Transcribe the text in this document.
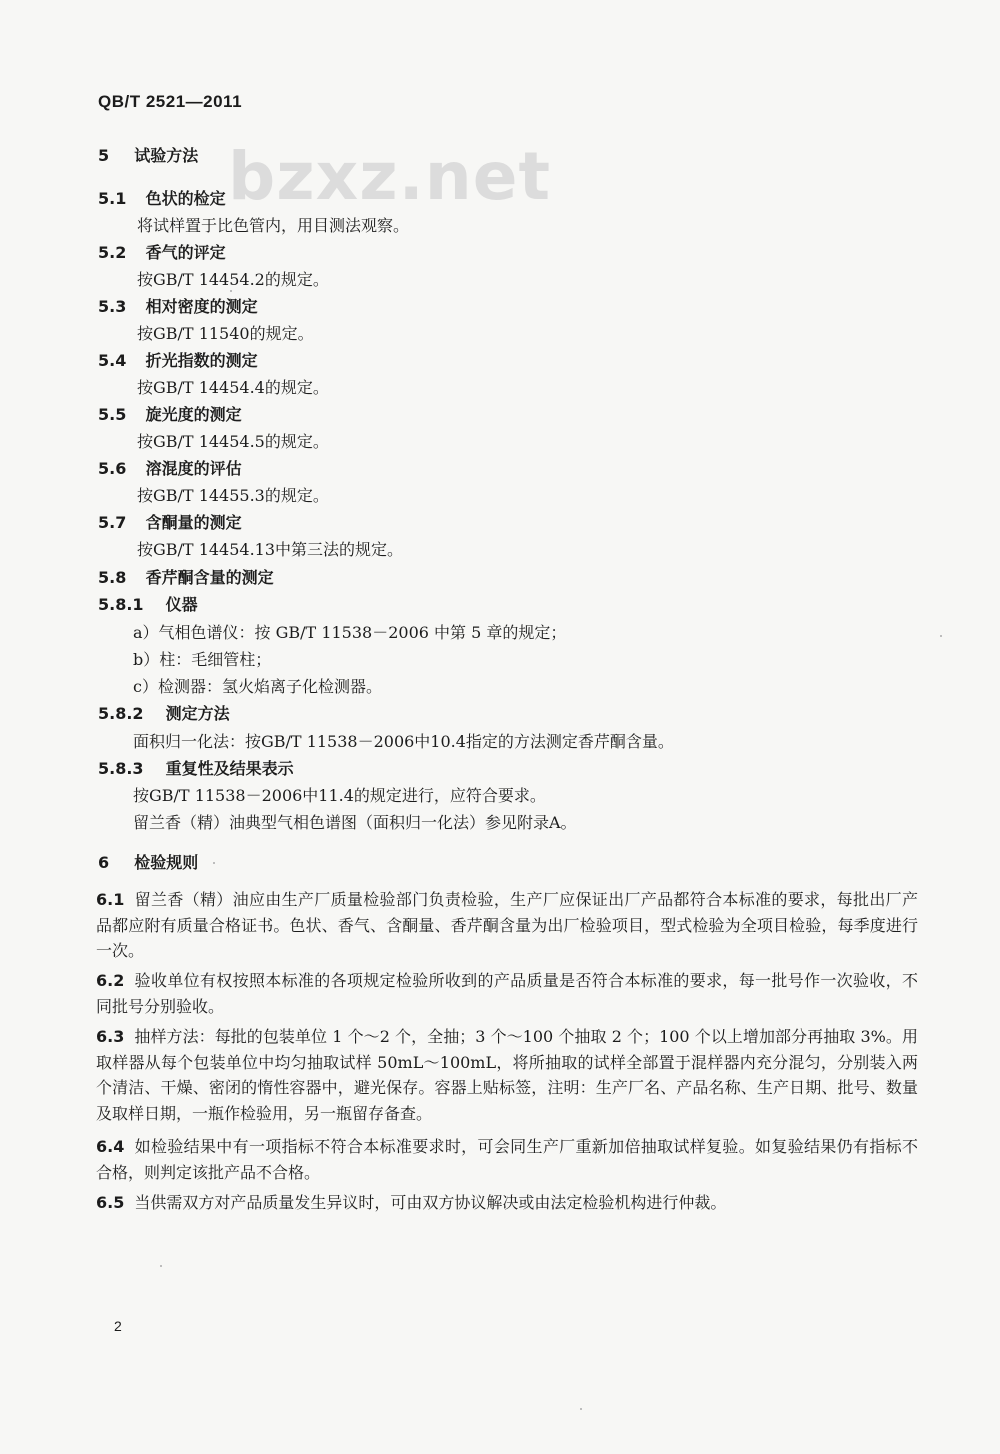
bzxz.net
QB/T 2521—2011
5 试验方法
5.1 色状的检定
将试样置于比色管内，用目测法观察。
5.2 香气的评定
按GB/T 14454.2的规定。
5.3 相对密度的测定
按GB/T 11540的规定。
5.4 折光指数的测定
按GB/T 14454.4的规定。
5.5 旋光度的测定
按GB/T 14454.5的规定。
5.6 溶混度的评估
按GB/T 14455.3的规定。
5.7 含酮量的测定
按GB/T 14454.13中第三法的规定。
5.8 香芹酮含量的测定
5.8.1 仪器
a）气相色谱仪：按 GB/T 11538－2006 中第 5 章的规定；
b）柱：毛细管柱；
c）检测器：氢火焰离子化检测器。
5.8.2 测定方法
面积归一化法：按GB/T 11538－2006中10.4指定的方法测定香芹酮含量。
5.8.3 重复性及结果表示
按GB/T 11538－2006中11.4的规定进行，应符合要求。
留兰香（精）油典型气相色谱图（面积归一化法）参见附录A。
6 检验规则
6.1 留兰香（精）油应由生产厂质量检验部门负责检验，生产厂应保证出厂产品都符合本标准的要求，每批出厂产品都应附有质量合格证书。色状、香气、含酮量、香芹酮含量为出厂检验项目，型式检验为全项目检验，每季度进行一次。
6.2 验收单位有权按照本标准的各项规定检验所收到的产品质量是否符合本标准的要求，每一批号作一次验收，不同批号分别验收。
6.3 抽样方法：每批的包装单位 1 个～2 个，全抽；3 个～100 个抽取 2 个；100 个以上增加部分再抽取 3%。用取样器从每个包装单位中均匀抽取试样 50mL～100mL，将所抽取的试样全部置于混样器内充分混匀，分别装入两个清洁、干燥、密闭的惰性容器中，避光保存。容器上贴标签，注明：生产厂名、产品名称、生产日期、批号、数量及取样日期，一瓶作检验用，另一瓶留存备查。
6.4 如检验结果中有一项指标不符合本标准要求时，可会同生产厂重新加倍抽取试样复验。如复验结果仍有指标不合格，则判定该批产品不合格。
6.5 当供需双方对产品质量发生异议时，可由双方协议解决或由法定检验机构进行仲裁。
2
